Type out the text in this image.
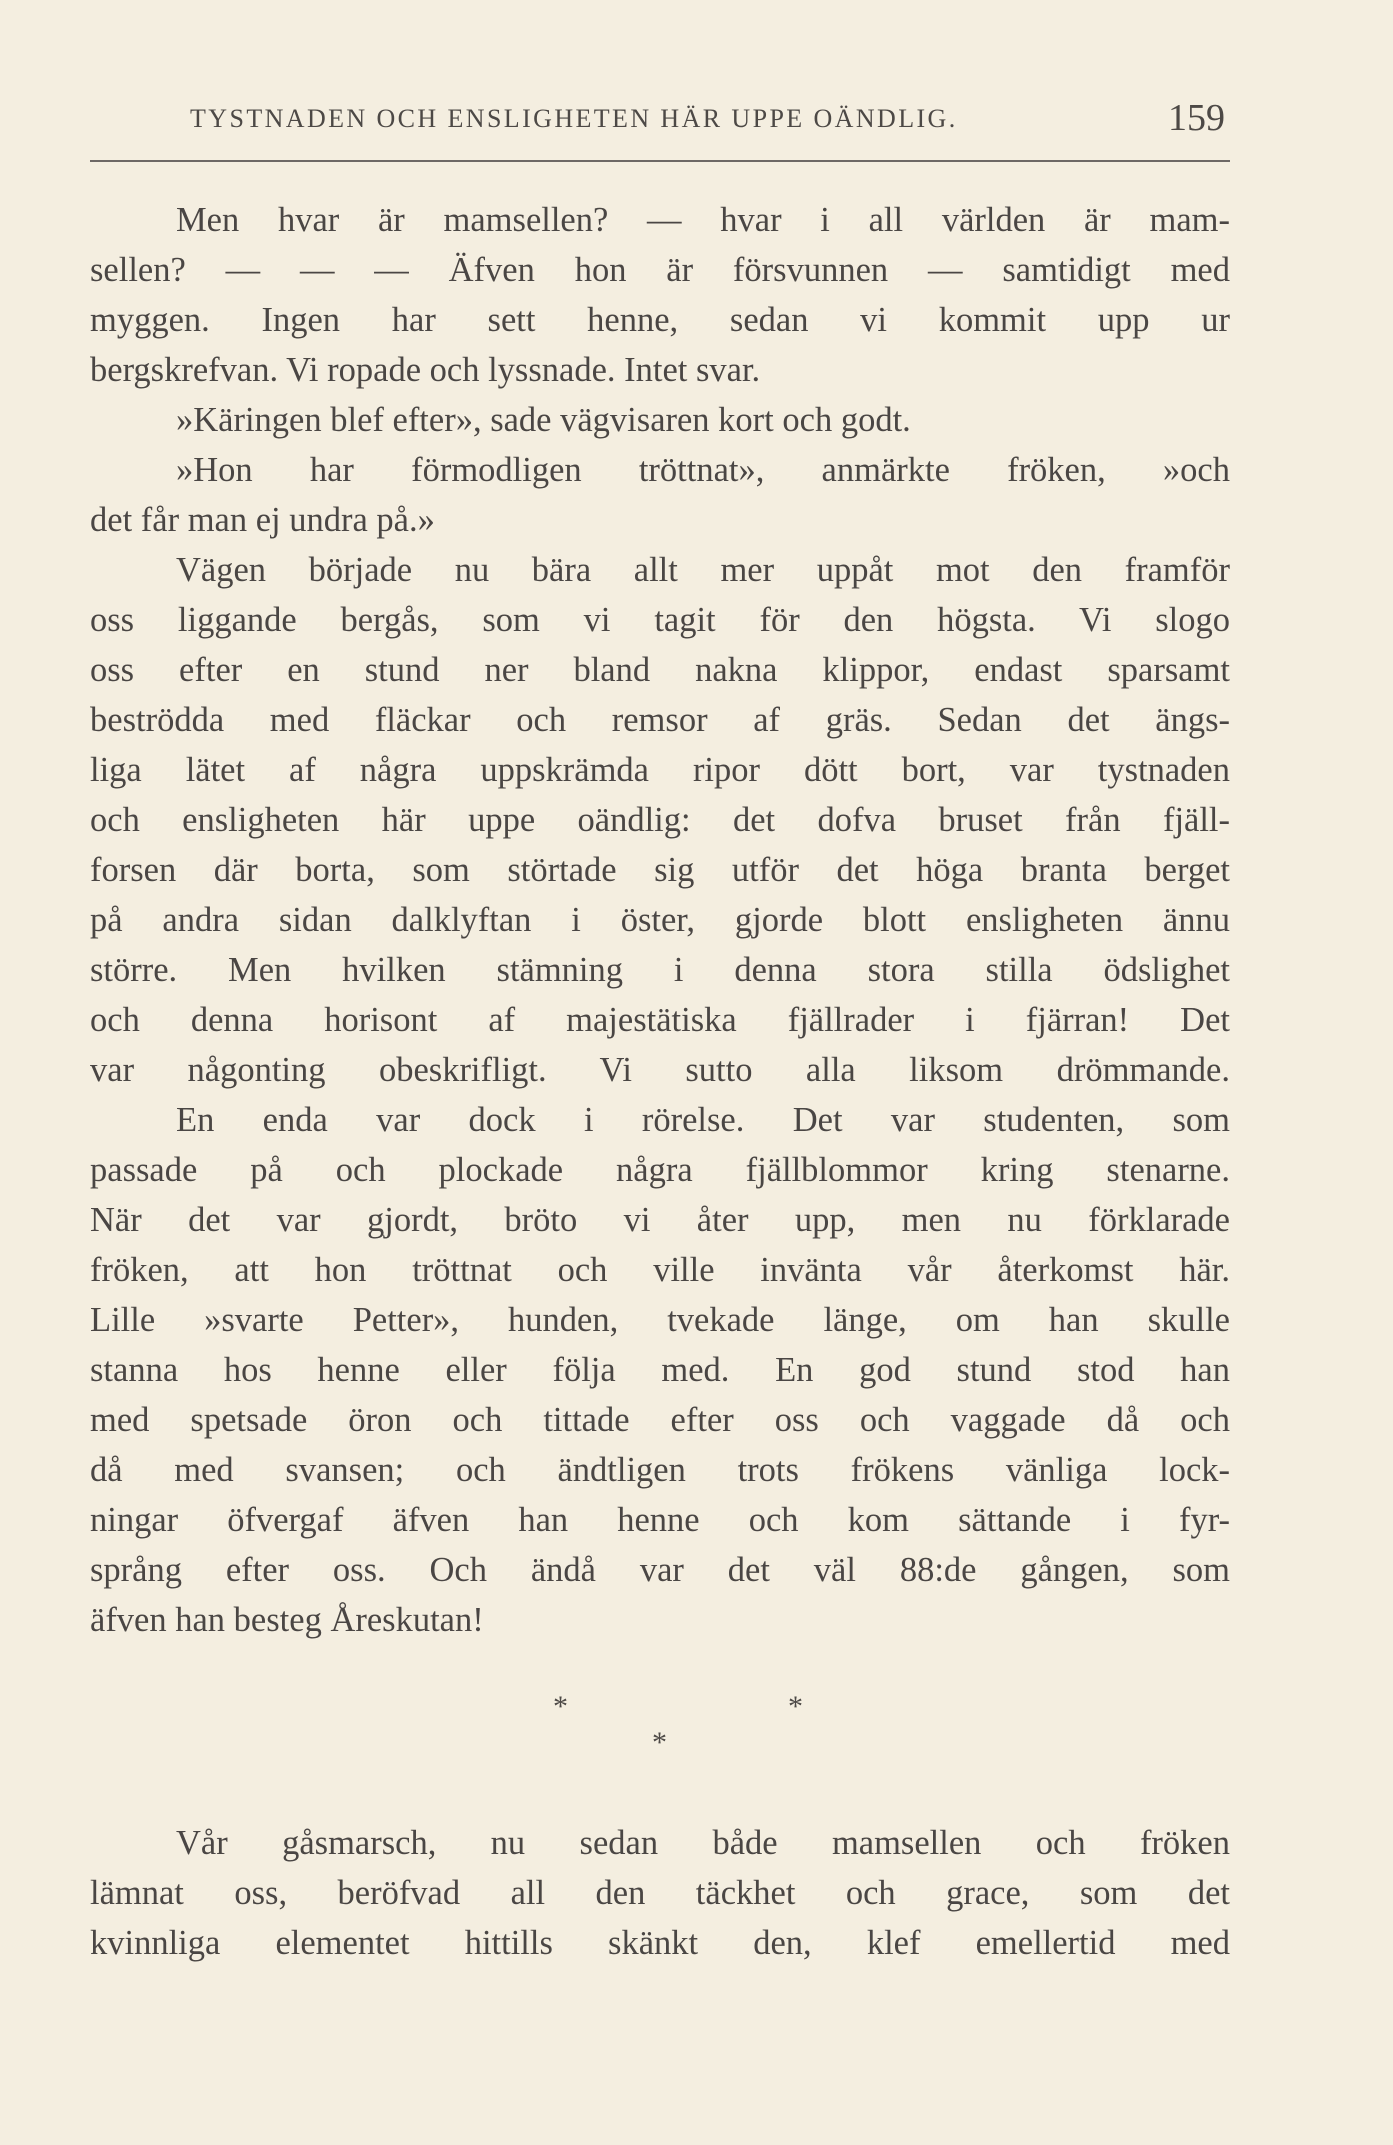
TYSTNADEN OCH ENSLIGHETEN HÄR UPPE OÄNDLIG.	159
Men hvar är mamsellen? — hvar i all världen är mam-
sellen? — — — Äfven hon är försvunnen — samtidigt med
myggen. Ingen har sett henne, sedan vi kommit upp ur
bergskrefvan. Vi ropade och lyssnade. Intet svar.
»Käringen blef efter», sade vägvisaren kort och godt.
»Hon har förmodligen tröttnat», anmärkte fröken, »och
det får man ej undra på.»
Vägen började nu bära allt mer uppåt mot den framför
oss liggande bergås, som vi tagit för den högsta. Vi slogo
oss efter en stund ner bland nakna klippor, endast sparsamt
beströdda med fläckar och remsor af gräs. Sedan det ängs-
liga lätet af några uppskrämda ripor dött bort, var tystnaden
och ensligheten här uppe oändlig: det dofva bruset från fjäll-
forsen där borta, som störtade sig utför det höga branta berget
på andra sidan dalklyftan i öster, gjorde blott ensligheten ännu
större. Men hvilken stämning i denna stora stilla ödslighet
och denna horisont af majestätiska fjällrader i fjärran! Det
var någonting obeskrifligt. Vi sutto alla liksom drömmande.
En enda var dock i rörelse. Det var studenten, som
passade på och plockade några fjällblommor kring stenarne.
När det var gjordt, bröto vi åter upp, men nu förklarade
fröken, att hon tröttnat och ville invänta vår återkomst här.
Lille »svarte Petter», hunden, tvekade länge, om han skulle
stanna hos henne eller följa med. En god stund stod han
med spetsade öron och tittade efter oss och vaggade då och
då med svansen; och ändtligen trots frökens vänliga lock-
ningar öfvergaf äfven han henne och kom sättande i fyr-
språng efter oss. Och ändå var det väl 88:de gången, som
äfven han besteg Åreskutan!
*	*
*
Vår gåsmarsch, nu sedan både mamsellen och fröken
lämnat oss, beröfvad all den täckhet och grace, som det
kvinnliga elementet hittills skänkt den, klef emellertid med
